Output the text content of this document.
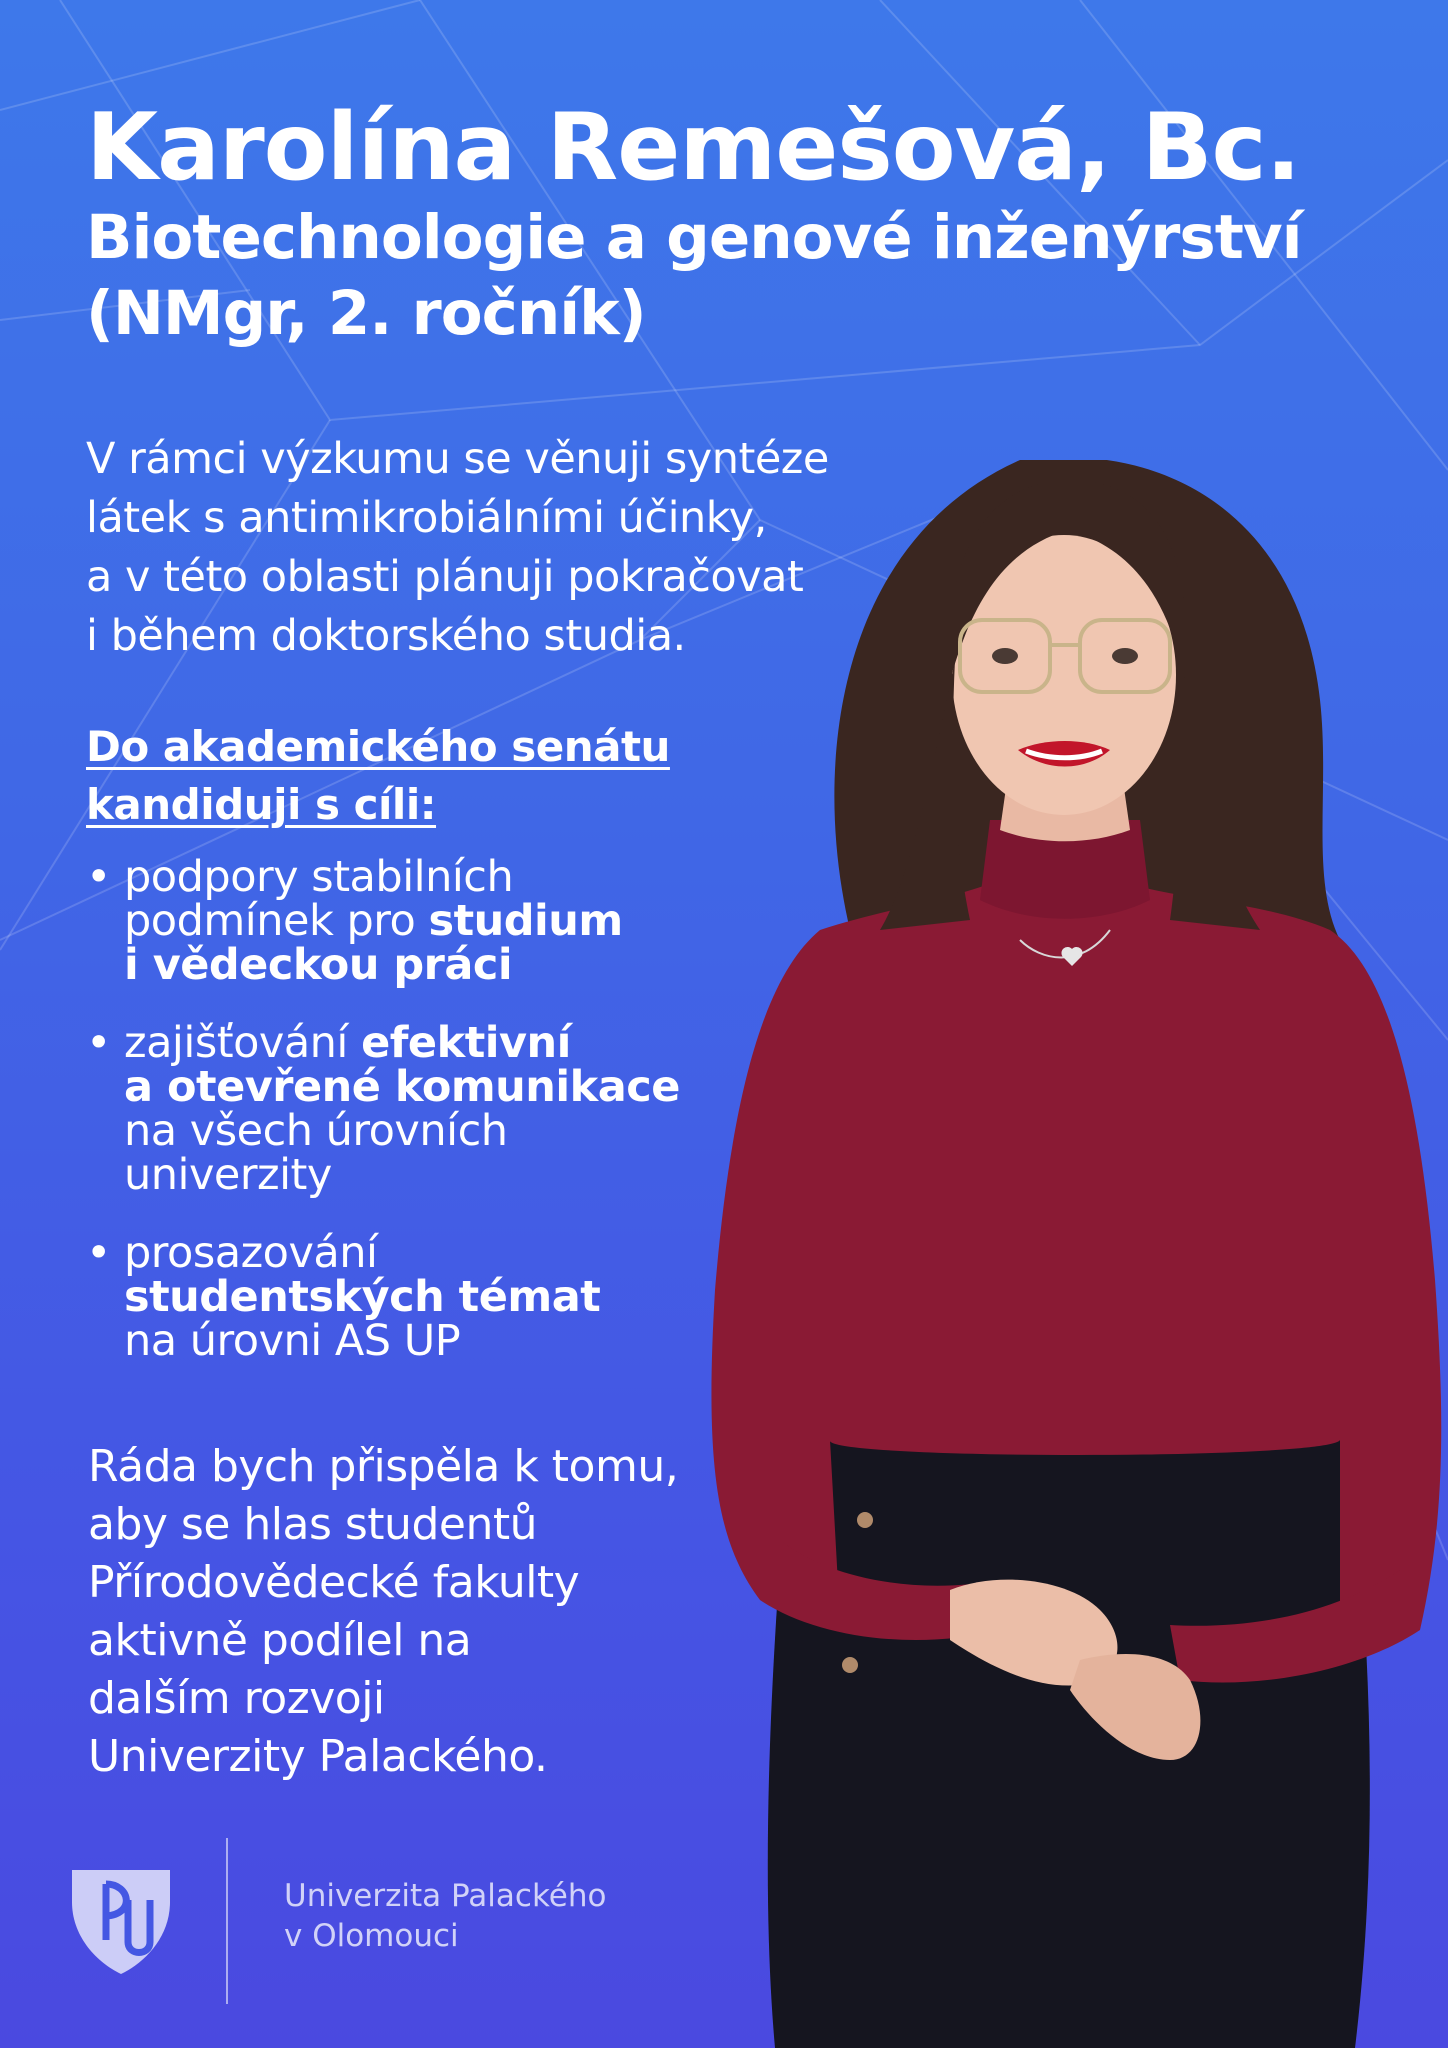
Karolína Remešová, Bc.
Biotechnologie a genové inženýrství
(NMgr, 2. ročník)

V rámci výzkumu se věnuji syntéze
látek s antimikrobiálními účinky,
a v této oblasti plánuji pokračovat
i během doktorského studia.

Do akademického senátu
kandiduji s cíli:
• podpory stabilních
podmínek pro studium
i vědeckou práci
• zajišťování efektivní
a otevřené komunikace
na všech úrovních
univerzity
• prosazování
studentských témat
na úrovni AS UP

Ráda bych přispěla k tomu,
aby se hlas studentů
Přírodovědecké fakulty
aktivně podílel na
dalším rozvoji
Univerzity Palackého.

Univerzita Palackého
v Olomouci
